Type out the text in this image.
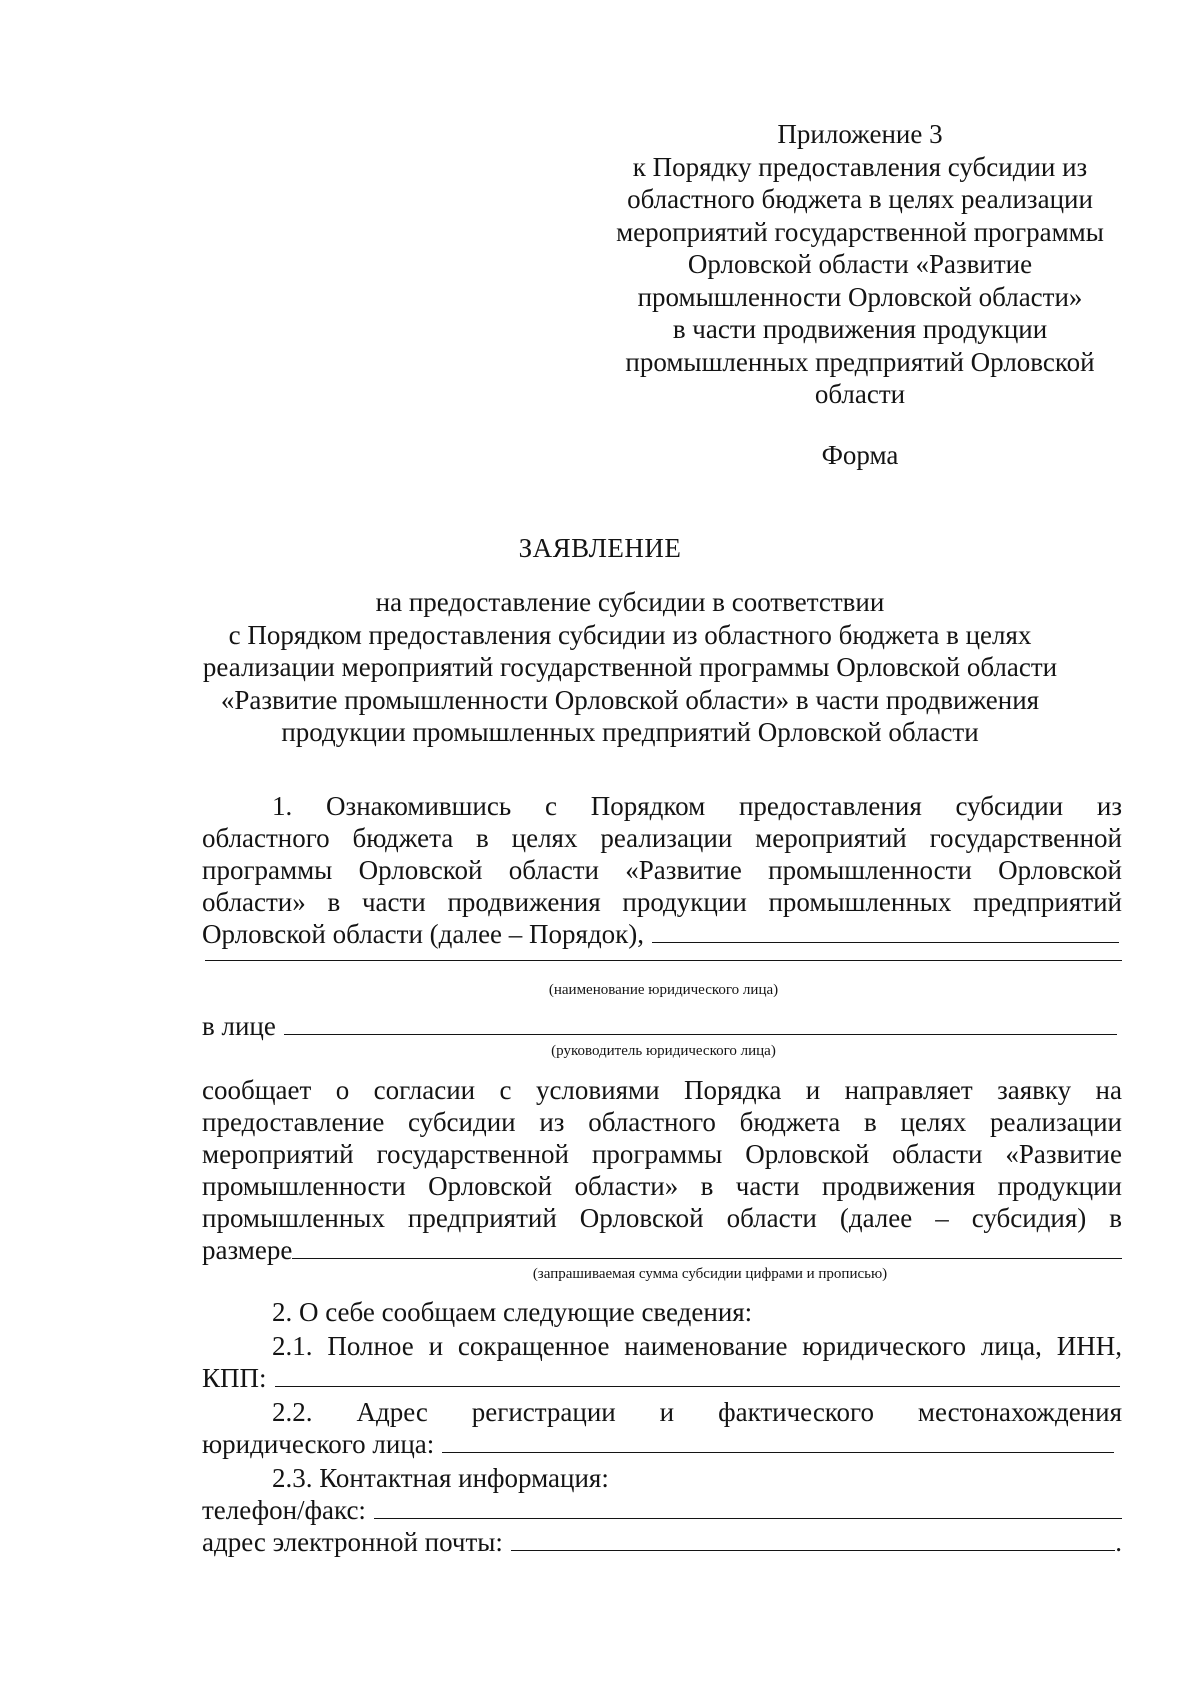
Приложение 3
к Порядку предоставления субсидии из
областного бюджета в целях реализации
мероприятий государственной программы
Орловской области «Развитие
промышленности Орловской области»
в части продвижения продукции
промышленных предприятий Орловской
области
Форма
ЗАЯВЛЕНИЕ
на предоставление субсидии в соответствии
с Порядком предоставления субсидии из областного бюджета в целях
реализации мероприятий государственной программы Орловской области
«Развитие промышленности Орловской области» в части продвижения
продукции промышленных предприятий Орловской области
1. Ознакомившись с Порядком предоставления субсидии из
областного бюджета в целях реализации мероприятий государственной
программы Орловской области «Развитие промышленности Орловской
области» в части продвижения продукции промышленных предприятий
Орловской области (далее – Порядок),
(наименование юридического лица)
в лице
(руководитель юридического лица)
сообщает о согласии с условиями Порядка и направляет заявку на
предоставление субсидии из областного бюджета в целях реализации
мероприятий государственной программы Орловской области «Развитие
промышленности Орловской области» в части продвижения продукции
промышленных предприятий Орловской области (далее – субсидия) в
размере
(запрашиваемая сумма субсидии цифрами и прописью)
2. О себе сообщаем следующие сведения:
2.1. Полное и сокращенное наименование юридического лица, ИНН,
КПП:
2.2. Адрес регистрации и фактического местонахождения
юридического лица:
2.3. Контактная информация:
телефон/факс:
адрес электронной почты:	.
